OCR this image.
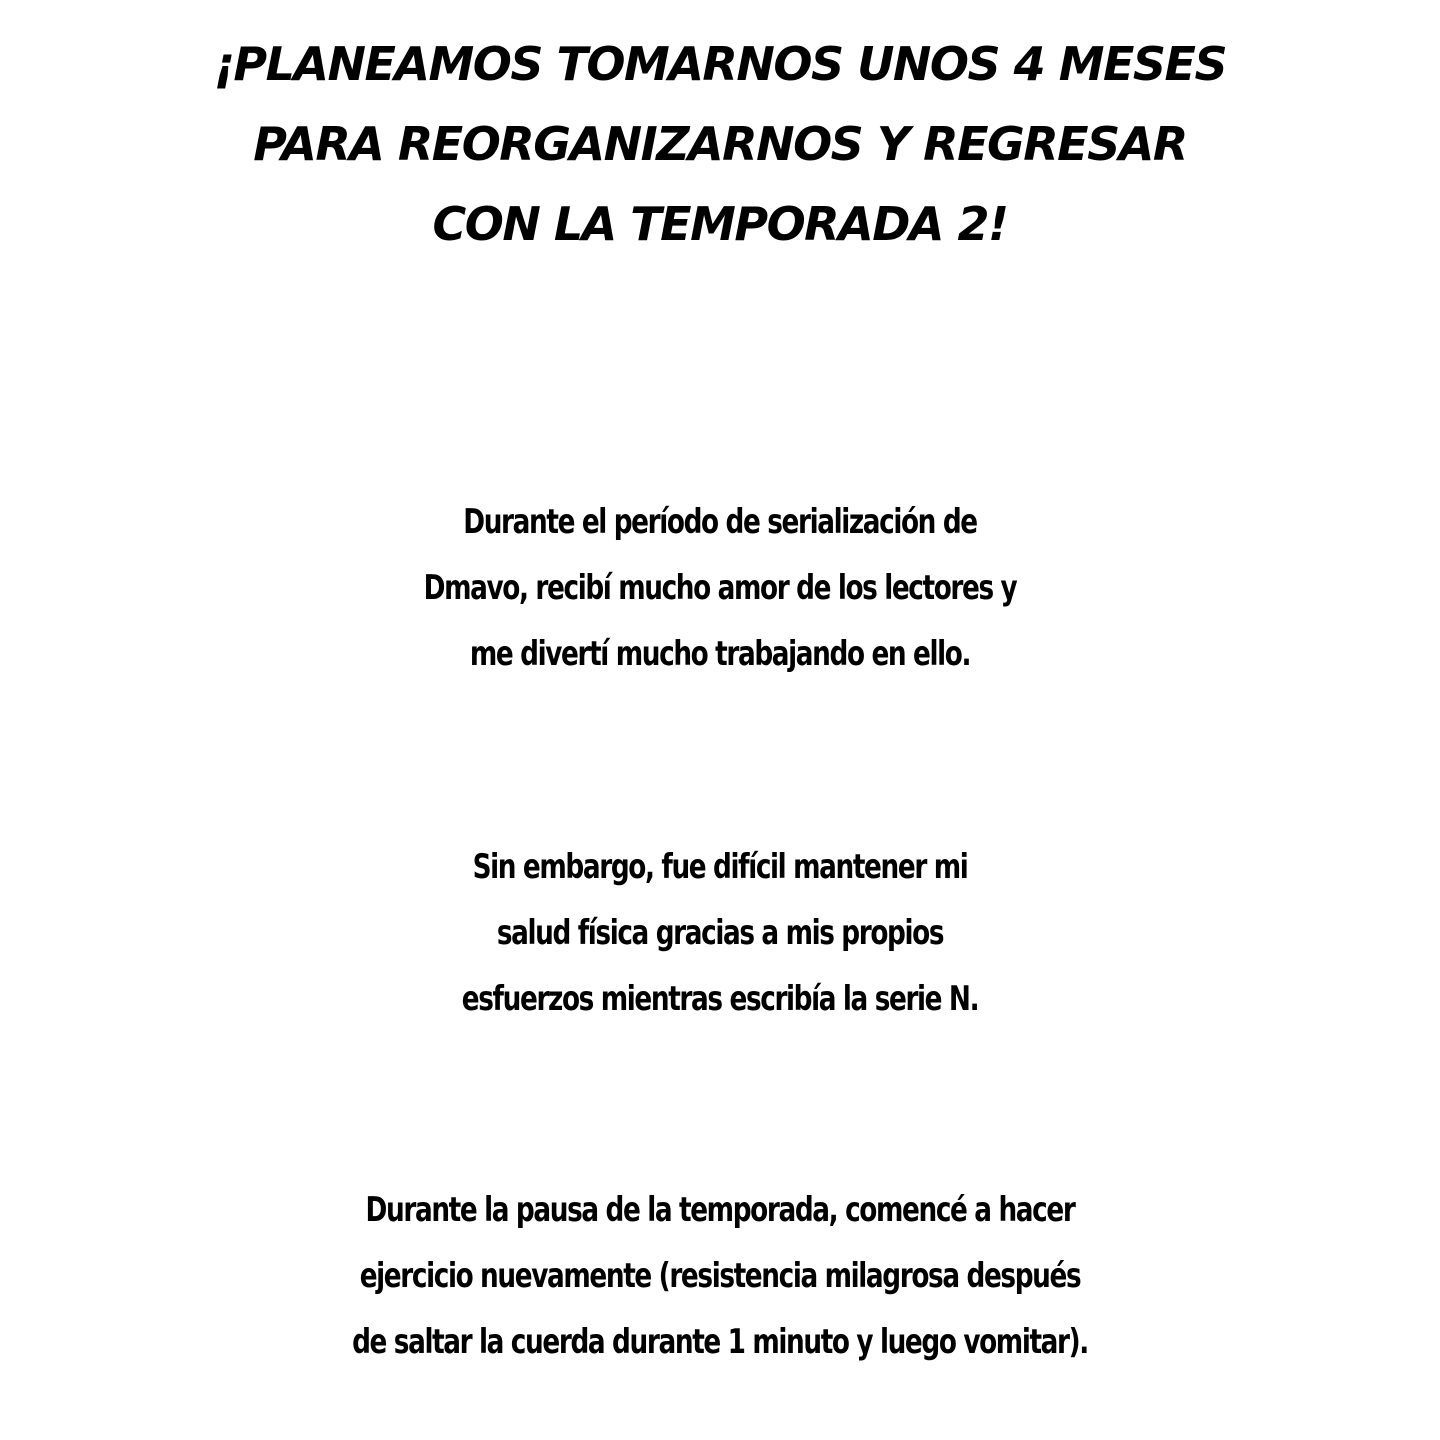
¡PLANEAMOS TOMARNOS UNOS 4 MESES
PARA REORGANIZARNOS Y REGRESAR
CON LA TEMPORADA 2!

Durante el período de serialización de
Dmavo, recibí mucho amor de los lectores y
me divertí mucho trabajando en ello.

Sin embargo, fue difícil mantener mi
salud física gracias a mis propios
esfuerzos mientras escribía la serie N.

Durante la pausa de la temporada, comencé a hacer
ejercicio nuevamente (resistencia milagrosa después
de saltar la cuerda durante 1 minuto y luego vomitar).
